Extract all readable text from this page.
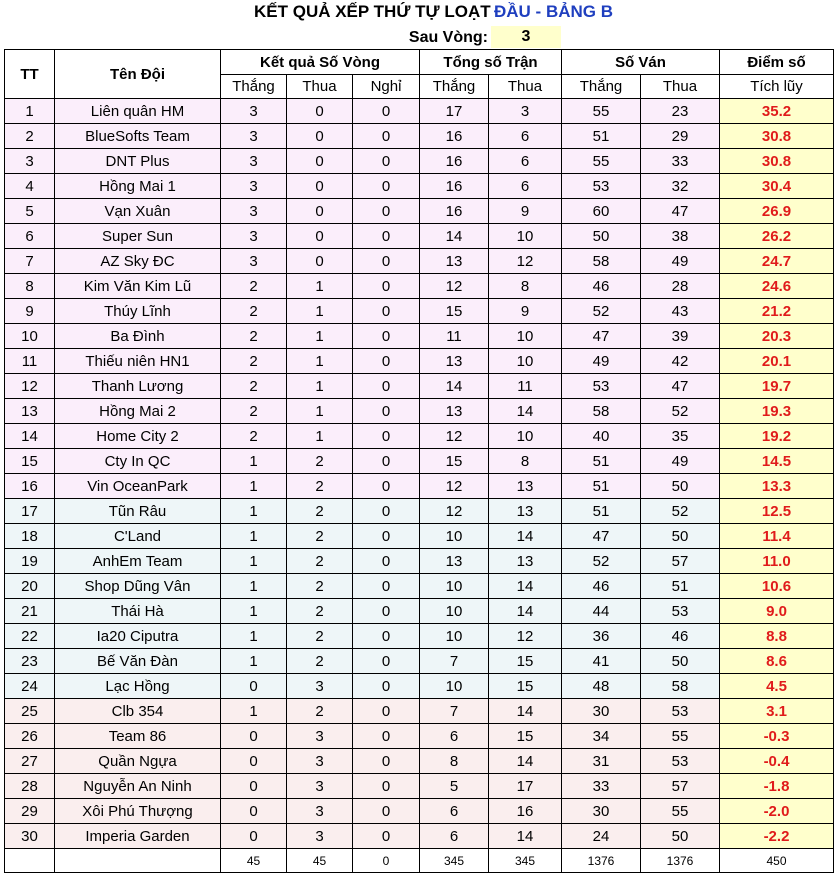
KẾT QUẢ XẾP THỨ TỰ LOẠT ĐẦU - BẢNG B
Sau Vòng:	3
TT	Tên Đội	Kết quả Số Vòng			Tổng số Trận		Số Ván		Điểm số
		Thắng	Thua	Nghỉ	Thắng	Thua	Thắng	Thua	Tích lũy
1	Liên quân HM	3	0	0	17	3	55	23	35.2
2	BlueSofts Team	3	0	0	16	6	51	29	30.8
3	DNT Plus	3	0	0	16	6	55	33	30.8
4	Hồng Mai 1	3	0	0	16	6	53	32	30.4
5	Vạn Xuân	3	0	0	16	9	60	47	26.9
6	Super Sun	3	0	0	14	10	50	38	26.2
7	AZ Sky ĐC	3	0	0	13	12	58	49	24.7
8	Kim Văn Kim Lũ	2	1	0	12	8	46	28	24.6
9	Thúy Lĩnh	2	1	0	15	9	52	43	21.2
10	Ba Đình	2	1	0	11	10	47	39	20.3
11	Thiếu niên HN1	2	1	0	13	10	49	42	20.1
12	Thanh Lương	2	1	0	14	11	53	47	19.7
13	Hồng Mai 2	2	1	0	13	14	58	52	19.3
14	Home City 2	2	1	0	12	10	40	35	19.2
15	Cty In QC	1	2	0	15	8	51	49	14.5
16	Vin OceanPark	1	2	0	12	13	51	50	13.3
17	Tũn Râu	1	2	0	12	13	51	52	12.5
18	C'Land	1	2	0	10	14	47	50	11.4
19	AnhEm Team	1	2	0	13	13	52	57	11.0
20	Shop Dũng Vân	1	2	0	10	14	46	51	10.6
21	Thái Hà	1	2	0	10	14	44	53	9.0
22	Ia20 Ciputra	1	2	0	10	12	36	46	8.8
23	Bế Văn Đàn	1	2	0	7	15	41	50	8.6
24	Lạc Hồng	0	3	0	10	15	48	58	4.5
25	Clb 354	1	2	0	7	14	30	53	3.1
26	Team 86	0	3	0	6	15	34	55	-0.3
27	Quần Ngựa	0	3	0	8	14	31	53	-0.4
28	Nguyễn An Ninh	0	3	0	5	17	33	57	-1.8
29	Xôi Phú Thượng	0	3	0	6	16	30	55	-2.0
30	Imperia Garden	0	3	0	6	14	24	50	-2.2
		45	45	0	345	345	1376	1376	450
